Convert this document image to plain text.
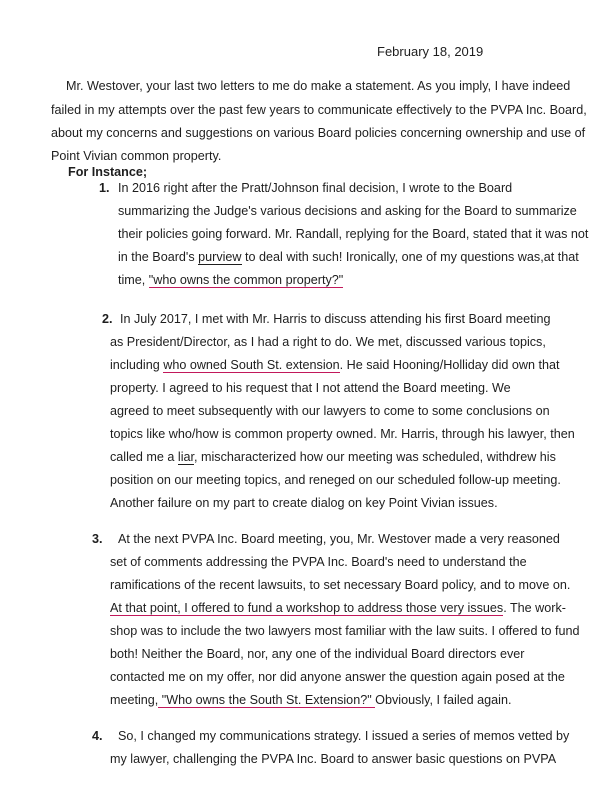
February 18, 2019
Mr. Westover, your last two letters to me do make a statement. As you imply, I have indeed
failed in my attempts over the past few years to communicate effectively to the PVPA Inc. Board,
about my concerns and suggestions on various Board policies concerning ownership and use of
Point Vivian common property.
For Instance;
1. In 2016 right after the Pratt/Johnson final decision, I wrote to the Board
summarizing the Judge's various decisions and asking for the Board to summarize
their policies going forward. Mr. Randall, replying for the Board, stated that it was not
in the Board's purview to deal with such! Ironically, one of my questions was,at that
time, "who owns the common property?"
2. In July 2017, I met with Mr. Harris to discuss attending his first Board meeting
as President/Director, as I had a right to do. We met, discussed various topics,
including who owned South St. extension. He said Hooning/Holliday did own that
property. I agreed to his request that I not attend the Board meeting. We
agreed to meet subsequently with our lawyers to come to some conclusions on
topics like who/how is common property owned. Mr. Harris, through his lawyer, then
called me a liar, mischaracterized how our meeting was scheduled, withdrew his
position on our meeting topics, and reneged on our scheduled follow-up meeting.
Another failure on my part to create dialog on key Point Vivian issues.
3. At the next PVPA Inc. Board meeting, you, Mr. Westover made a very reasoned
set of comments addressing the PVPA Inc. Board's need to understand the
ramifications of the recent lawsuits, to set necessary Board policy, and to move on.
At that point, I offered to fund a workshop to address those very issues. The work-
shop was to include the two lawyers most familiar with the law suits. I offered to fund
both! Neither the Board, nor, any one of the individual Board directors ever
contacted me on my offer, nor did anyone answer the question again posed at the
meeting, "Who owns the South St. Extension?" Obviously, I failed again.
4. So, I changed my communications strategy. I issued a series of memos vetted by
my lawyer, challenging the PVPA Inc. Board to answer basic questions on PVPA
